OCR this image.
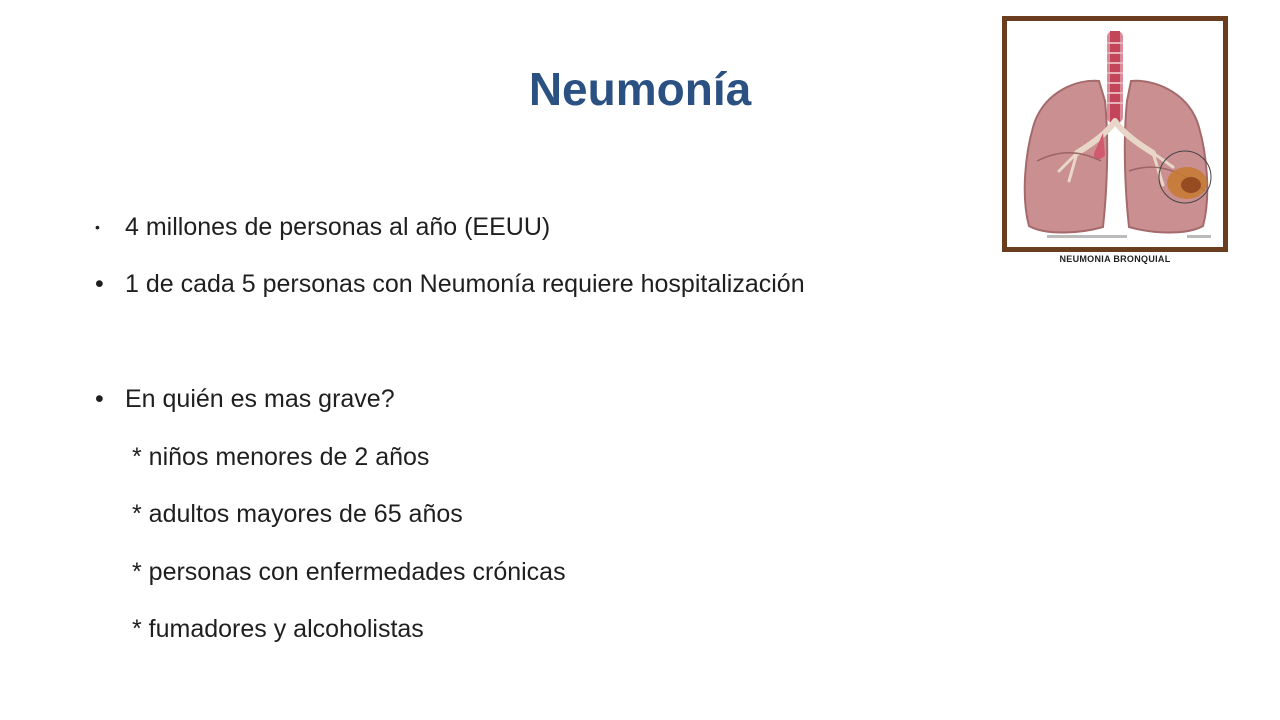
Neumonía
• 4 millones de personas al año (EEUU)
• 1 de cada 5 personas con Neumonía requiere hospitalización
• En quién es mas grave?
* niños menores de 2 años
* adultos mayores de 65 años
* personas con enfermedades crónicas
* fumadores y alcoholistas
NEUMONIA BRONQUIAL
